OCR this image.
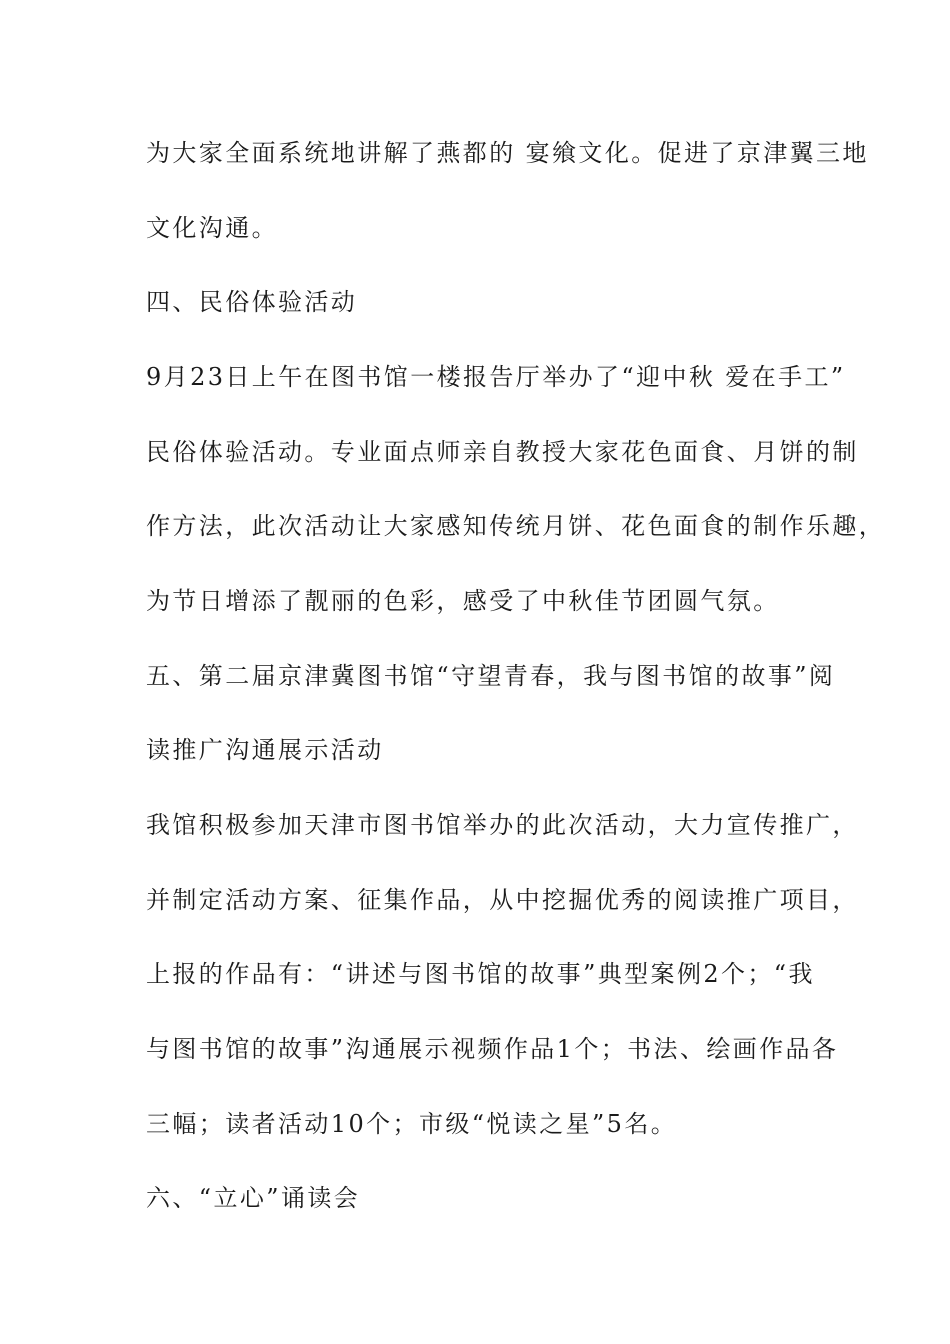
为大家全面系统地讲解了燕都的 宴飨文化。促进了京津翼三地
文化沟通。
四、民俗体验活动
9月23日上午在图书馆一楼报告厅举办了“迎中秋 爱在手工”
民俗体验活动。专业面点师亲自教授大家花色面食、月饼的制
作方法，此次活动让大家感知传统月饼、花色面食的制作乐趣，
为节日增添了靓丽的色彩，感受了中秋佳节团圆气氛。
五、第二届京津冀图书馆“守望青春，我与图书馆的故事”阅
读推广沟通展示活动
我馆积极参加天津市图书馆举办的此次活动，大力宣传推广，
并制定活动方案、征集作品，从中挖掘优秀的阅读推广项目，
上报的作品有：“讲述与图书馆的故事”典型案例2个；“我
与图书馆的故事”沟通展示视频作品1个；书法、绘画作品各
三幅；读者活动10个；市级“悦读之星”5名。
六、“立心”诵读会
